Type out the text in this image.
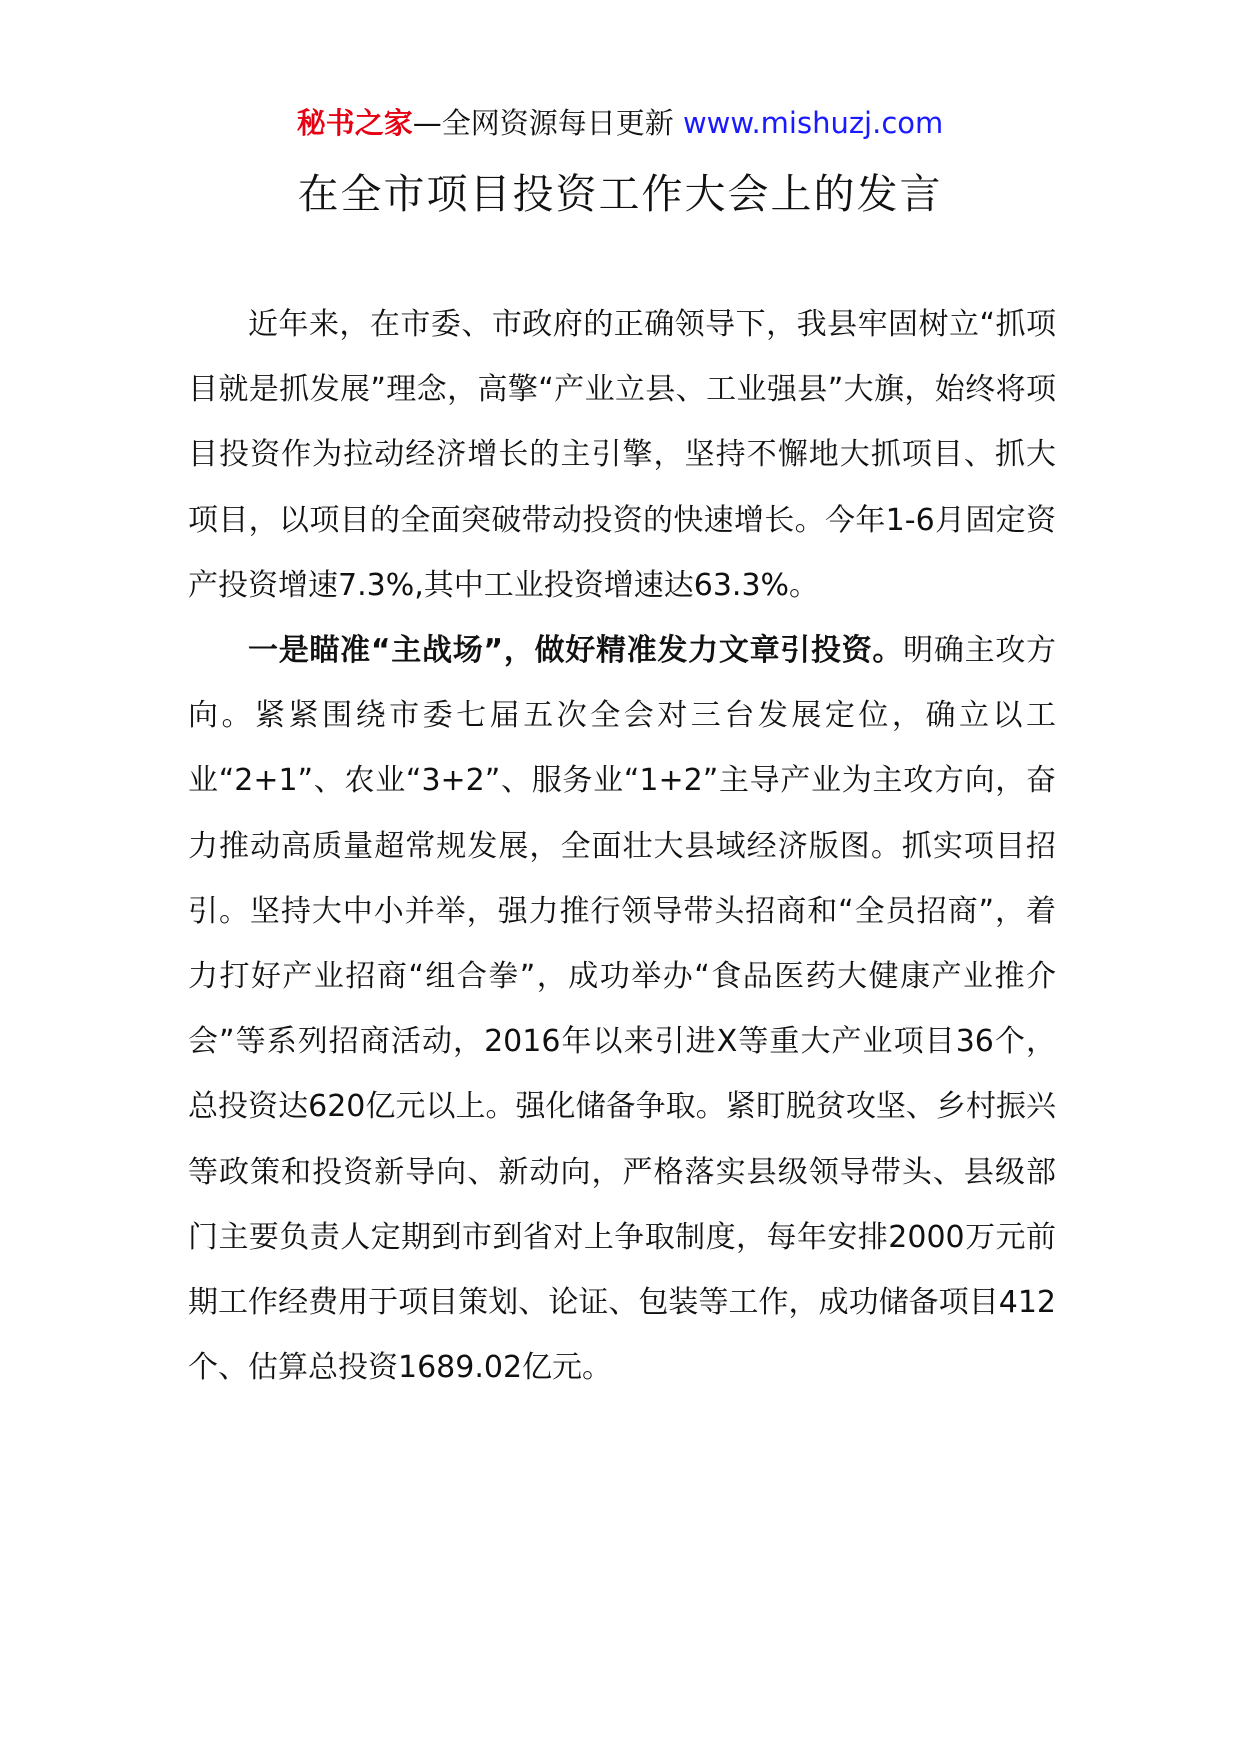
秘书之家—全网资源每日更新 www.mishuzj.com
在全市项目投资工作大会上的发言

近年来，在市委、市政府的正确领导下，我县牢固树立“抓项目就是抓发展”理念，高擎“产业立县、工业强县”大旗，始终将项目投资作为拉动经济增长的主引擎，坚持不懈地大抓项目、抓大项目，以项目的全面突破带动投资的快速增长。今年1-6月固定资产投资增速7.3%,其中工业投资增速达63.3%。

一是瞄准“主战场”，做好精准发力文章引投资。明确主攻方向。紧紧围绕市委七届五次全会对三台发展定位，确立以工业“2+1”、农业“3+2”、服务业“1+2”主导产业为主攻方向，奋力推动高质量超常规发展，全面壮大县域经济版图。抓实项目招引。坚持大中小并举，强力推行领导带头招商和“全员招商”，着力打好产业招商“组合拳”，成功举办“食品医药大健康产业推介会”等系列招商活动，2016年以来引进X等重大产业项目36个，总投资达620亿元以上。强化储备争取。紧盯脱贫攻坚、乡村振兴等政策和投资新导向、新动向，严格落实县级领导带头、县级部门主要负责人定期到市到省对上争取制度，每年安排2000万元前期工作经费用于项目策划、论证、包装等工作，成功储备项目412个、估算总投资1689.02亿元。
